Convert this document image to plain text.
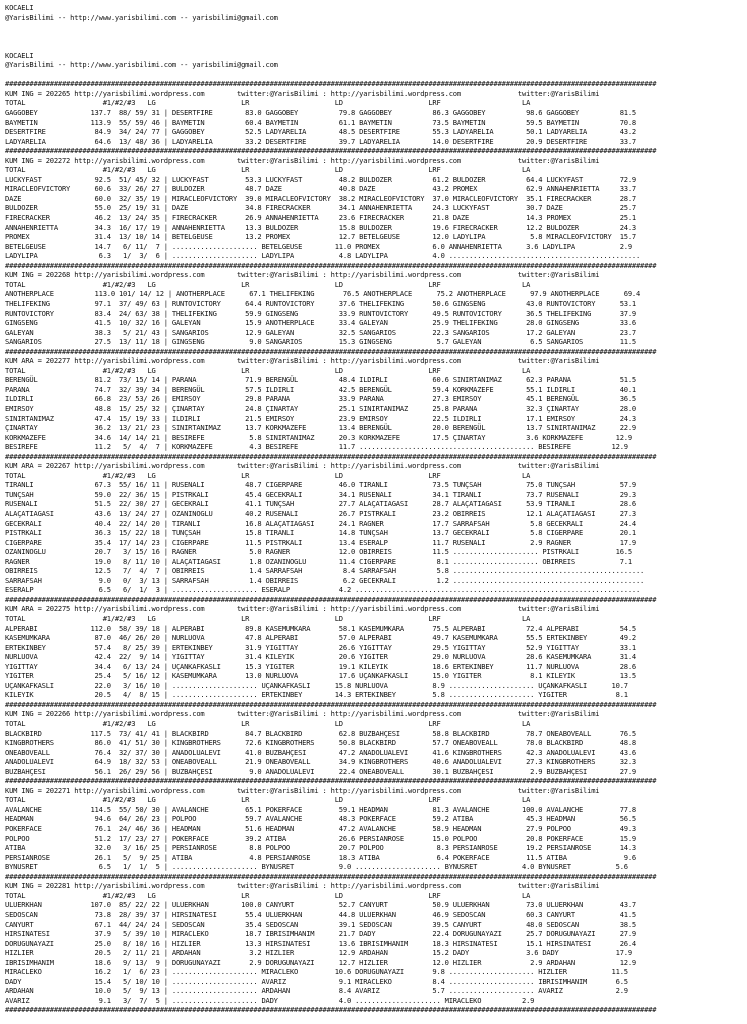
KOCAELI
@YarisBilimi -- http://www.yarisbilimi.com -- yarisbilimi@gmail.com

KOCAELI
@YarisBilimi -- http://www.yarisbilimi.com -- yarisbilimi@gmail.com

################################################################################################################################################################
KUM ING = 202265 http://yarisbilimi.wordpress.com        twitter:@YarisBilimi : http://yarisbilimi.wordpress.com              twitter:@YarisBilimi
TOTAL                   #1/#2/#3   LG                     LR                     LD                     LRF                    LA
GAGGOBEY             137.7  88/ 59/ 31 | DESERTFIRE        83.0 GAGGOBEY          79.8 GAGGOBEY          86.3 GAGGOBEY          98.6 GAGGOBEY          81.5
BAYMETIN             113.9  55/ 59/ 46 | BAYMETIN          60.4 BAYMETIN          61.1 BAYMETIN          73.5 BAYMETIN          59.5 BAYMETIN          70.8
DESERTFIRE            84.9  34/ 24/ 77 | GAGGOBEY          52.5 LADYARELIA        48.5 DESERTFIRE        55.3 LADYARELIA        50.1 LADYARELIA        43.2
LADYARELIA            64.6  13/ 48/ 36 | LADYARELIA        33.2 DESERTFIRE        39.7 LADYARELIA        14.0 DESERTFIRE        20.9 DESERTFIRE        33.7
################################################################################################################################################################
KUM ING = 202272 http://yarisbilimi.wordpress.com        twitter:@YarisBilimi : http://yarisbilimi.wordpress.com              twitter:@YarisBilimi
TOTAL                   #1/#2/#3   LG                     LR                     LD                     LRF                    LA
LUCKYFAST             92.5  51/ 45/ 32 | LUCKYFAST         53.3 LUCKYFAST         48.2 BULDOZER          61.2 BULDOZER          64.4 LUCKYFAST         72.9
MIRACLEOFVICTORY      60.6  33/ 26/ 27 | BULDOZER          48.7 DAZE              40.8 DAZE              43.2 PROMEX            62.9 ANNAHENRIETTA     33.7
DAZE                  60.0  32/ 35/ 19 | MIRACLEOFVICTORY  39.0 MIRACLEOFVICTORY  38.2 MIRACLEOFVICTORY  37.0 MIRACLEOFVICTORY  35.1 FIRECRACKER       28.7
BULDOZER              55.0  25/ 19/ 31 | DAZE              34.8 FIRECRACKER       34.1 ANNAHENRIETTA     24.3 LUCKYFAST         30.7 DAZE              25.7
FIRECRACKER           46.2  13/ 24/ 35 | FIRECRACKER       26.9 ANNAHENRIETTA     23.6 FIRECRACKER       21.8 DAZE              14.3 PROMEX            25.1
ANNAHENRIETTA         34.3  16/ 17/ 19 | ANNAHENRIETTA     13.3 BULDOZER          15.8 BULDOZER          19.6 FIRECRACKER       12.2 BULDOZER          24.3
PROMEX                31.4  13/ 10/ 14 | BETELGEUSE        13.2 PROMEX            12.7 BETELGEUSE        12.0 LADYLIPA           5.8 MIRACLEOFVICTORY  15.7
BETELGEUSE            14.7   6/ 11/  7 | ..................... BETELGEUSE        11.0 PROMEX             6.0 ANNAHENRIETTA      3.6 LADYLIPA           2.9
LADYLIPA               6.3   1/  3/  6 | ..................... LADYLIPA           4.8 LADYLIPA           4.0 ...............................................
################################################################################################################################################################
KUM ING = 202268 http://yarisbilimi.wordpress.com        twitter:@YarisBilimi : http://yarisbilimi.wordpress.com              twitter:@YarisBilimi
TOTAL                   #1/#2/#3   LG                     LR                     LD                     LRF                    LA
ANOTHERPLACE          113.0 101/ 14/ 12 | ANOTHERPLACE      67.1 THELIFEKING       76.5 ANOTHERPLACE      75.2 ANOTHERPLACE      97.9 ANOTHERPLACE      69.4
THELIFEKING           97.1  37/ 49/ 63 | RUNTOVICTORY      64.4 RUNTOVICTORY      37.6 THELIFEKING       50.6 GINGSENG          43.0 RUNTOVICTORY      53.1
RUNTOVICTORY          83.4  24/ 63/ 38 | THELIFEKING       59.9 GINGSENG          33.9 RUNTOVICTORY      49.5 RUNTOVICTORY      36.5 THELIFEKING       37.9
GINGSENG              41.5  10/ 32/ 16 | GALEYAN           15.9 ANOTHERPLACE      33.4 GALEYAN           25.9 THELIFEKING       28.0 GINGSENG          33.6
GALEYAN               38.3   5/ 21/ 43 | SANGARIOS         12.9 GALEYAN           32.5 SANGARIOS         22.3 SANGARIOS         17.2 GALEYAN           23.7
SANGARIOS             27.5  13/ 11/ 18 | GINGSENG           9.0 SANGARIOS         15.3 GINGSENG           5.7 GALEYAN            6.5 SANGARIOS         11.5
################################################################################################################################################################
KUM ARA = 202277 http://yarisbilimi.wordpress.com        twitter:@YarisBilimi : http://yarisbilimi.wordpress.com              twitter:@YarisBilimi
TOTAL                   #1/#2/#3   LG                     LR                     LD                     LRF                    LA
BERENGÜL              81.2  73/ 15/ 14 | PARANA            71.9 BERENGÜL          48.4 ILDIRLI           60.6 SINIRTANIMAZ      62.3 PARANA            51.5
PARANA                74.7  32/ 39/ 34 | BERENGÜL          57.5 ILDIRLI           42.5 BERENGÜL          59.4 KORKMAZEFE        55.1 ILDIRLI           40.1
ILDIRLI               66.8  23/ 53/ 26 | EMIRSOY           29.8 PARANA            33.9 PARANA            27.3 EMIRSOY           45.1 BERENGÜL          36.5
EMIRSOY               48.8  15/ 25/ 32 | ÇINARTAY          24.8 ÇINARTAY          25.1 SINIRTANIMAZ      25.8 PARANA            32.3 ÇINARTAY          28.0
SINIRTANIMAZ          47.4  15/ 19/ 33 | ILDIRLI           21.5 EMIRSOY           23.9 EMIRSOY           22.5 ILDIRLI           17.1 EMIRSOY           24.3
ÇINARTAY              36.2  13/ 21/ 23 | SINIRTANIMAZ      13.7 KORKMAZEFE        13.4 BERENGÜL          20.0 BERENGÜL          13.7 SINIRTANIMAZ      22.9
KORKMAZEFE            34.6  14/ 14/ 21 | BESIREFE           5.8 SINIRTANIMAZ      20.3 KORKMAZEFE        17.5 ÇINARTAY          3.6 KORKMAZEFE        12.9
BESIREFE              11.2   5/  4/  7 | KORKMAZEFE         4.3 BESIREFE          11.7 ........................................... BESIREFE          12.9
################################################################################################################################################################
KUM ARA = 202267 http://yarisbilimi.wordpress.com        twitter:@YarisBilimi : http://yarisbilimi.wordpress.com              twitter:@YarisBilimi
TOTAL                   #1/#2/#3   LG                     LR                     LD                     LRF                    LA
TIRANLI               67.3  55/ 16/ 11 | RUSENALI          48.7 CIGERPARE         46.0 TIRANLI           73.5 TUNÇSAH           75.0 TUNÇSAH           57.9
TUNÇSAH               59.0  22/ 36/ 15 | PISTRKALI         45.4 GECEKRALI         34.1 RUSENALI          34.1 TIRANLI           73.7 RUSENALI          29.3
RUSENALI              51.5  22/ 30/ 27 | GECEKRALI         41.1 TUNÇSAH           27.7 ALAÇATIAGASI      28.7 ALAÇATIAGASI      53.9 TIRANLI           28.6
ALAÇATIAGASI          43.6  13/ 24/ 27 | OZANINOGLU        40.2 RUSENALI          26.7 PISTRKALI         23.2 OBIRREIS          12.1 ALAÇATIAGASI      27.3
GECEKRALI             40.4  22/ 14/ 20 | TIRANLI           16.8 ALAÇATIAGASI      24.1 RAGNER            17.7 SARRAFSAH          5.8 GECEKRALI         24.4
PISTRKALI             36.3  15/ 22/ 18 | TUNÇSAH           15.8 TIRANLI           14.8 TUNÇSAH           13.7 GECEKRALI          5.8 CIGERPARE         20.1
CIGERPARE             35.4  17/ 14/ 23 | CIGERPARE         11.5 PISTRKALI         13.4 ESERALP           11.7 RUSENALI           2.9 RAGNER            17.9
OZANINOGLU            20.7   3/ 15/ 16 | RAGNER             5.0 RAGNER            12.0 OBIRREIS          11.5 ..................... PISTRKALI         16.5
RAGNER                19.0   8/ 11/ 10 | ALAÇATIAGASI       1.8 OZANINOGLU        11.4 CIGERPARE          8.1 ..................... OBIRREIS           7.1
OBIRREIS              12.5   7/  4/  7 | OBIRREIS           1.4 SARRAFSAH          8.4 SARRAFSAH          5.8 ...............................................
SARRAFSAH              9.0   0/  3/ 13 | SARRAFSAH          1.4 OBIRREIS           6.2 GECEKRALI          1.2 ...............................................
ESERALP                6.5   6/  1/  3 | ..................... ESERALP            4.2 ......................................................................
################################################################################################################################################################
KUM ARA = 202275 http://yarisbilimi.wordpress.com        twitter:@YarisBilimi : http://yarisbilimi.wordpress.com              twitter:@YarisBilimi
TOTAL                   #1/#2/#3   LG                     LR                     LD                     LRF                    LA
ALPERABI             112.0  58/ 39/ 18 | ALPERABI          89.8 KASEMUMKARA       58.1 KASEMUMKARA       75.5 ALPERABI          72.4 ALPERABI          54.5
KASEMUMKARA           87.0  46/ 26/ 20 | NURLUOVA          47.8 ALPERABI          57.0 ALPERABI          49.7 KASEMUMKARA       55.5 ERTEKINBEY        49.2
ERTEKINBEY            57.4   8/ 25/ 39 | ERTEKINBEY        31.9 YIGITTAY          26.6 YIGITTAY          29.5 YIGITTAY          52.9 YIGITTAY          33.1
NURLUOVA              42.4  22/  9/ 14 | YIGITTAY          31.4 KILEYIK           20.6 YIGITER           29.0 NURLUOVA          28.6 KASEMUMKARA       31.4
YIGITTAY              34.4   6/ 13/ 24 | UÇANKAFKASLI      15.3 YIGITER           19.1 KILEYIK           18.6 ERTEKINBEY        11.7 NURLUOVA          28.6
YIGITER               25.4   5/ 16/ 12 | KASEMUMKARA       13.0 NURLUOVA          17.6 UÇANKAFKASLI      15.0 YIGITER            8.1 KILEYIK           13.5
UÇANKAFKASLI          22.0   3/ 16/ 10 | ..................... UÇANKAFKASLI      15.8 NURLUOVA           8.9 ..................... UÇANKAFKASLI      10.7
KILEYIK               20.5   4/  8/ 15 | ..................... ERTEKINBEY        14.3 ERTEKINBEY         5.8 ..................... YIGITER            8.1
################################################################################################################################################################
KUM ING = 202266 http://yarisbilimi.wordpress.com        twitter:@YarisBilimi : http://yarisbilimi.wordpress.com              twitter:@YarisBilimi
TOTAL                   #1/#2/#3   LG                     LR                     LD                     LRF                    LA
BLACKBIRD            117.5  73/ 41/ 41 | BLACKBIRD         84.7 BLACKBIRD         62.8 BUZBAHÇESI        58.8 BLACKBIRD         78.7 ONEABOVEALL       76.5
KINGBROTHERS          86.0  41/ 51/ 30 | KINGBROTHERS      72.6 KINGBROTHERS      50.8 BLACKBIRD         57.7 ONEABOVEALL       78.0 BLACKBIRD         48.8
ONEABOVEALL           76.4  32/ 37/ 30 | ANADOLUALEVI      41.0 BUZBAHÇESI        47.2 ANADOLUALEVI      41.6 KINGBROTHERS      42.3 ANADOLUALEVI      43.6
ANADOLUALEVI          64.9  18/ 32/ 53 | ONEABOVEALL       21.9 ONEABOVEALL       34.9 KINGBROTHERS      40.6 ANADOLUALEVI      27.3 KINGBROTHERS      32.3
BUZBAHÇESI            56.1  26/ 29/ 56 | BUZBAHÇESI         9.0 ANADOLUALEVI      22.4 ONEABOVEALL       30.1 BUZBAHÇESI         2.9 BUZBAHÇESI        27.9
################################################################################################################################################################
KUM ING = 202271 http://yarisbilimi.wordpress.com        twitter:@YarisBilimi : http://yarisbilimi.wordpress.com              twitter:@YarisBilimi
TOTAL                   #1/#2/#3   LG                     LR                     LD                     LRF                    LA
AVALANCHE            114.5  55/ 50/ 30 | AVALANCHE         65.1 POKERFACE         59.1 HEADMAN           81.3 AVALANCHE        100.0 AVALANCHE         77.8
HEADMAN               94.6  64/ 26/ 23 | POLPOO            59.7 AVALANCHE         48.3 POKERFACE         59.2 ATIBA             45.3 HEADMAN           56.5
POKERFACE             76.1  24/ 46/ 36 | HEADMAN           51.6 HEADMAN           47.2 AVALANCHE         58.9 HEADMAN           27.9 POLPOO            49.3
POLPOO                51.2  17/ 23/ 27 | POKERFACE         39.2 ATIBA             26.6 PERSIANROSE       15.0 POLPOO            20.8 POKERFACE         15.9
ATIBA                 32.0   3/ 16/ 25 | PERSIANROSE        8.8 POLPOO            20.7 POLPOO             8.3 PERSIANROSE       19.2 PERSIANROSE       14.3
PERSIANROSE           26.1   5/  9/ 25 | ATIBA              4.8 PERSIANROSE       18.3 ATIBA              6.4 POKERFACE         11.5 ATIBA              9.6
BYNUSRET               6.5   1/  1/  5 | ..................... BYNUSRET           9.0 ..................... BYNUSRET           4.0 BYNUSRET           5.6
################################################################################################################################################################
KUM ING = 202281 http://yarisbilimi.wordpress.com        twitter:@YarisBilimi : http://yarisbilimi.wordpress.com              twitter:@YarisBilimi
TOTAL                   #1/#2/#3   LG                     LR                     LD                     LRF                    LA
ULUERKHAN            107.0  85/ 22/ 22 | ULUERKHAN        100.0 CANYURT           52.7 CANYURT           50.9 ULUERKHAN         73.0 ULUERKHAN         43.7
SEDOSCAN              73.8  28/ 39/ 37 | HIRSINATESI       55.4 ULUERKHAN         44.8 ULUERKHAN         46.9 SEDOSCAN          60.3 CANYURT           41.5
CANYURT               67.1  44/ 24/ 24 | SEDOSCAN          35.4 SEDOSCAN          39.1 SEDOSCAN          39.5 CANYURT           48.0 SEDOSCAN          38.5
HIRSINATESI           37.9   5/ 39/ 10 | MIRACLEKO         18.7 IBRISIMHANIM      21.7 DADY              22.4 DORUGUNAYAZI      25.7 DORUGUNAYAZI      27.9
DORUGUNAYAZI          25.0   8/ 10/ 16 | HIZLIER           13.3 HIRSINATESI       13.6 IBRISIMHANIM      18.3 HIRSINATESI       15.1 HIRSINATESI       26.4
HIZLIER               20.5   2/ 11/ 21 | ARDAHAN            3.2 HIZLIER           12.9 ARDAHAN           15.2 DADY              3.6 DADY              17.9
IBRISIMHANIM          18.6   9/ 13/  9 | DORUGUNAYAZI       2.9 DORUGUNAYAZI      12.7 HIZLIER           12.0 HIZLIER            2.9 ARDAHAN           12.9
MIRACLEKO             16.2   1/  6/ 23 | ..................... MIRACLEKO         10.6 DORUGUNAYAZI       9.8 ..................... HIZLIER           11.5
DADY                  15.4   5/ 10/ 10 | ..................... AVARIZ             9.1 MIRACLEKO          8.4 ..................... IBRISIMHANIM       6.5
ARDAHAN               10.0   5/  9/ 13 | ..................... ARDAHAN            8.4 AVARIZ             5.7 ..................... AVARIZ             2.9
AVARIZ                 9.1   3/  7/  5 | ..................... DADY               4.0 ..................... MIRACLEKO          2.9
################################################################################################################################################################
